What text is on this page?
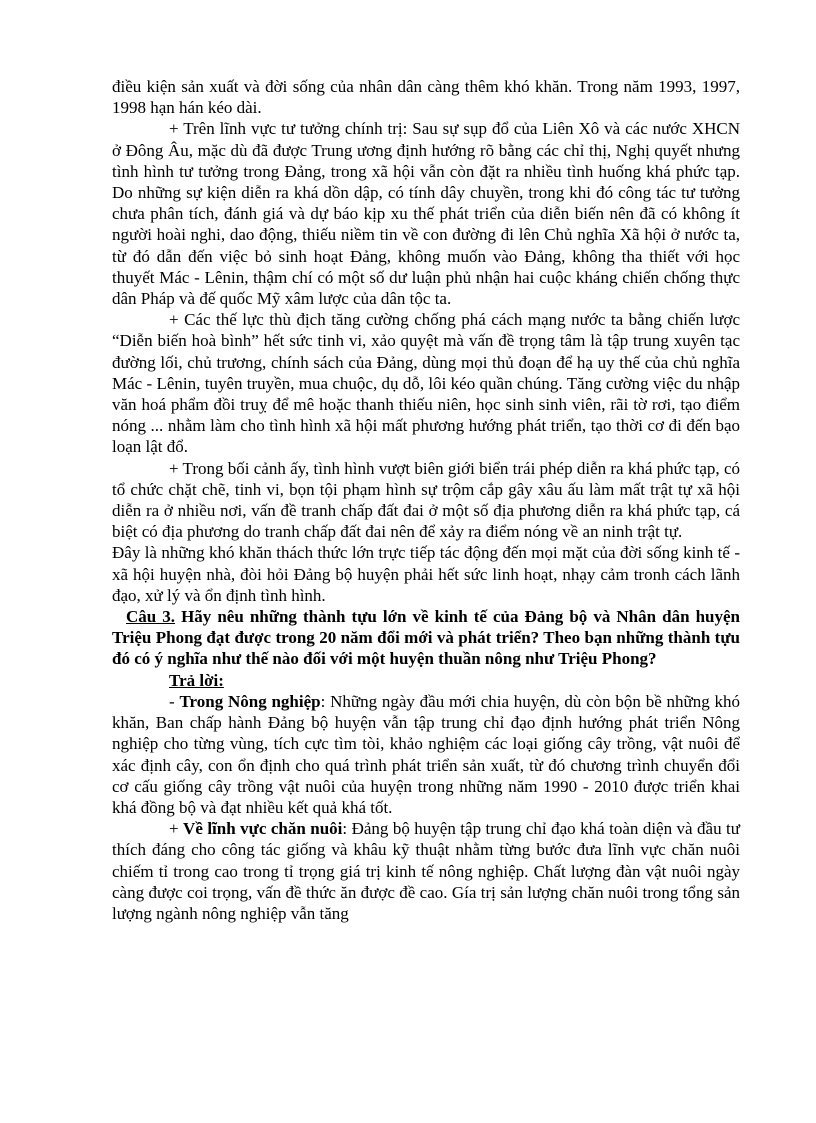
điều kiện sản xuất và đời sống của nhân dân càng thêm khó khăn. Trong năm 1993, 1997, 1998 hạn hán kéo dài.

+ Trên lĩnh vực tư tưởng chính trị: Sau sự sụp đổ của Liên Xô và các nước XHCN ở Đông Âu, mặc dù đã được Trung ương định hướng rõ bằng các chỉ thị, Nghị quyết nhưng tình hình tư tưởng trong Đảng, trong xã hội vẫn còn đặt ra nhiều tình huống khá phức tạp. Do những sự kiện diễn ra khá dồn dập, có tính dây chuyền, trong khi đó công tác tư tưởng chưa phân tích, đánh giá và dự báo kịp xu thế phát triển của diễn biến nên đã có không ít người hoài nghi, dao động, thiếu niềm tin về con đường đi lên Chủ nghĩa Xã hội ở nước ta, từ đó dẫn đến việc bỏ sinh hoạt Đảng, không muốn vào Đảng, không tha thiết với học thuyết Mác - Lênin, thậm chí có một số dư luận phủ nhận hai cuộc kháng chiến chống thực dân Pháp và đế quốc Mỹ xâm lược của dân tộc ta.

+ Các thế lực thù địch tăng cường chống phá cách mạng nước ta bằng chiến lược “Diễn biến hoà bình” hết sức tinh vi, xảo quyệt mà vấn đề trọng tâm là tập trung xuyên tạc đường lối, chủ trương, chính sách của Đảng, dùng mọi thủ đoạn để hạ uy thế của chủ nghĩa Mác - Lênin, tuyên truyền, mua chuộc, dụ dỗ, lôi kéo quần chúng. Tăng cường việc du nhập văn hoá phẩm đồi truỵ để mê hoặc thanh thiếu niên, học sinh sinh viên, rãi tờ rơi, tạo điểm nóng ... nhằm làm cho tình hình xã hội mất phương hướng phát triển, tạo thời cơ đi đến bạo loạn lật đổ.

+ Trong bối cảnh ấy, tình hình vượt biên giới biển trái phép diễn ra khá phức tạp, có tổ chức chặt chẽ, tinh vi, bọn tội phạm hình sự trộm cắp gây xâu ấu làm mất trật tự xã hội diễn ra ở nhiều nơi, vấn đề tranh chấp đất đai ở một số địa phương diễn ra khá phức tạp, cá biệt có địa phương do tranh chấp đất đai nên để xảy ra điểm nóng về an ninh trật tự.

Đây là những khó khăn thách thức lớn trực tiếp tác động đến mọi mặt của đời sống kinh tế - xã hội huyện nhà, đòi hỏi Đảng bộ huyện phải hết sức linh hoạt, nhạy cảm tronh cách lãnh đạo, xử lý và ổn định tình hình.

Câu 3. Hãy nêu những thành tựu lớn về kinh tế của Đảng bộ và Nhân dân huyện Triệu Phong đạt được trong 20 năm đổi mới và phát triển? Theo bạn những thành tựu đó có ý nghĩa như thế nào đối với một huyện thuần nông như Triệu Phong?

Trả lời:

- Trong Nông nghiệp: Những ngày đầu mới chia huyện, dù còn bộn bề những khó khăn, Ban chấp hành Đảng bộ huyện vẫn tập trung chỉ đạo định hướng phát triển Nông nghiệp cho từng vùng, tích cực tìm tòi, khảo nghiệm các loại giống cây trồng, vật nuôi để xác định cây, con ổn định cho quá trình phát triển sản xuất, từ đó chương trình chuyển đổi cơ cấu giống cây trồng vật nuôi của huyện trong những năm 1990 - 2010 được triển khai khá đồng bộ và đạt nhiều kết quả khá tốt.

+ Về lĩnh vực chăn nuôi: Đảng bộ huyện tập trung chỉ đạo khá toàn diện và đầu tư thích đáng cho công tác giống và khâu kỹ thuật nhằm từng bước đưa lĩnh vực chăn nuôi chiếm tỉ trong cao trong tỉ trọng giá trị kinh tế nông nghiệp. Chất lượng đàn vật nuôi ngày càng được coi trọng, vấn đề thức ăn được đề cao. Gía trị sản lượng chăn nuôi trong tổng sản lượng ngành nông nghiệp vẫn tăng
